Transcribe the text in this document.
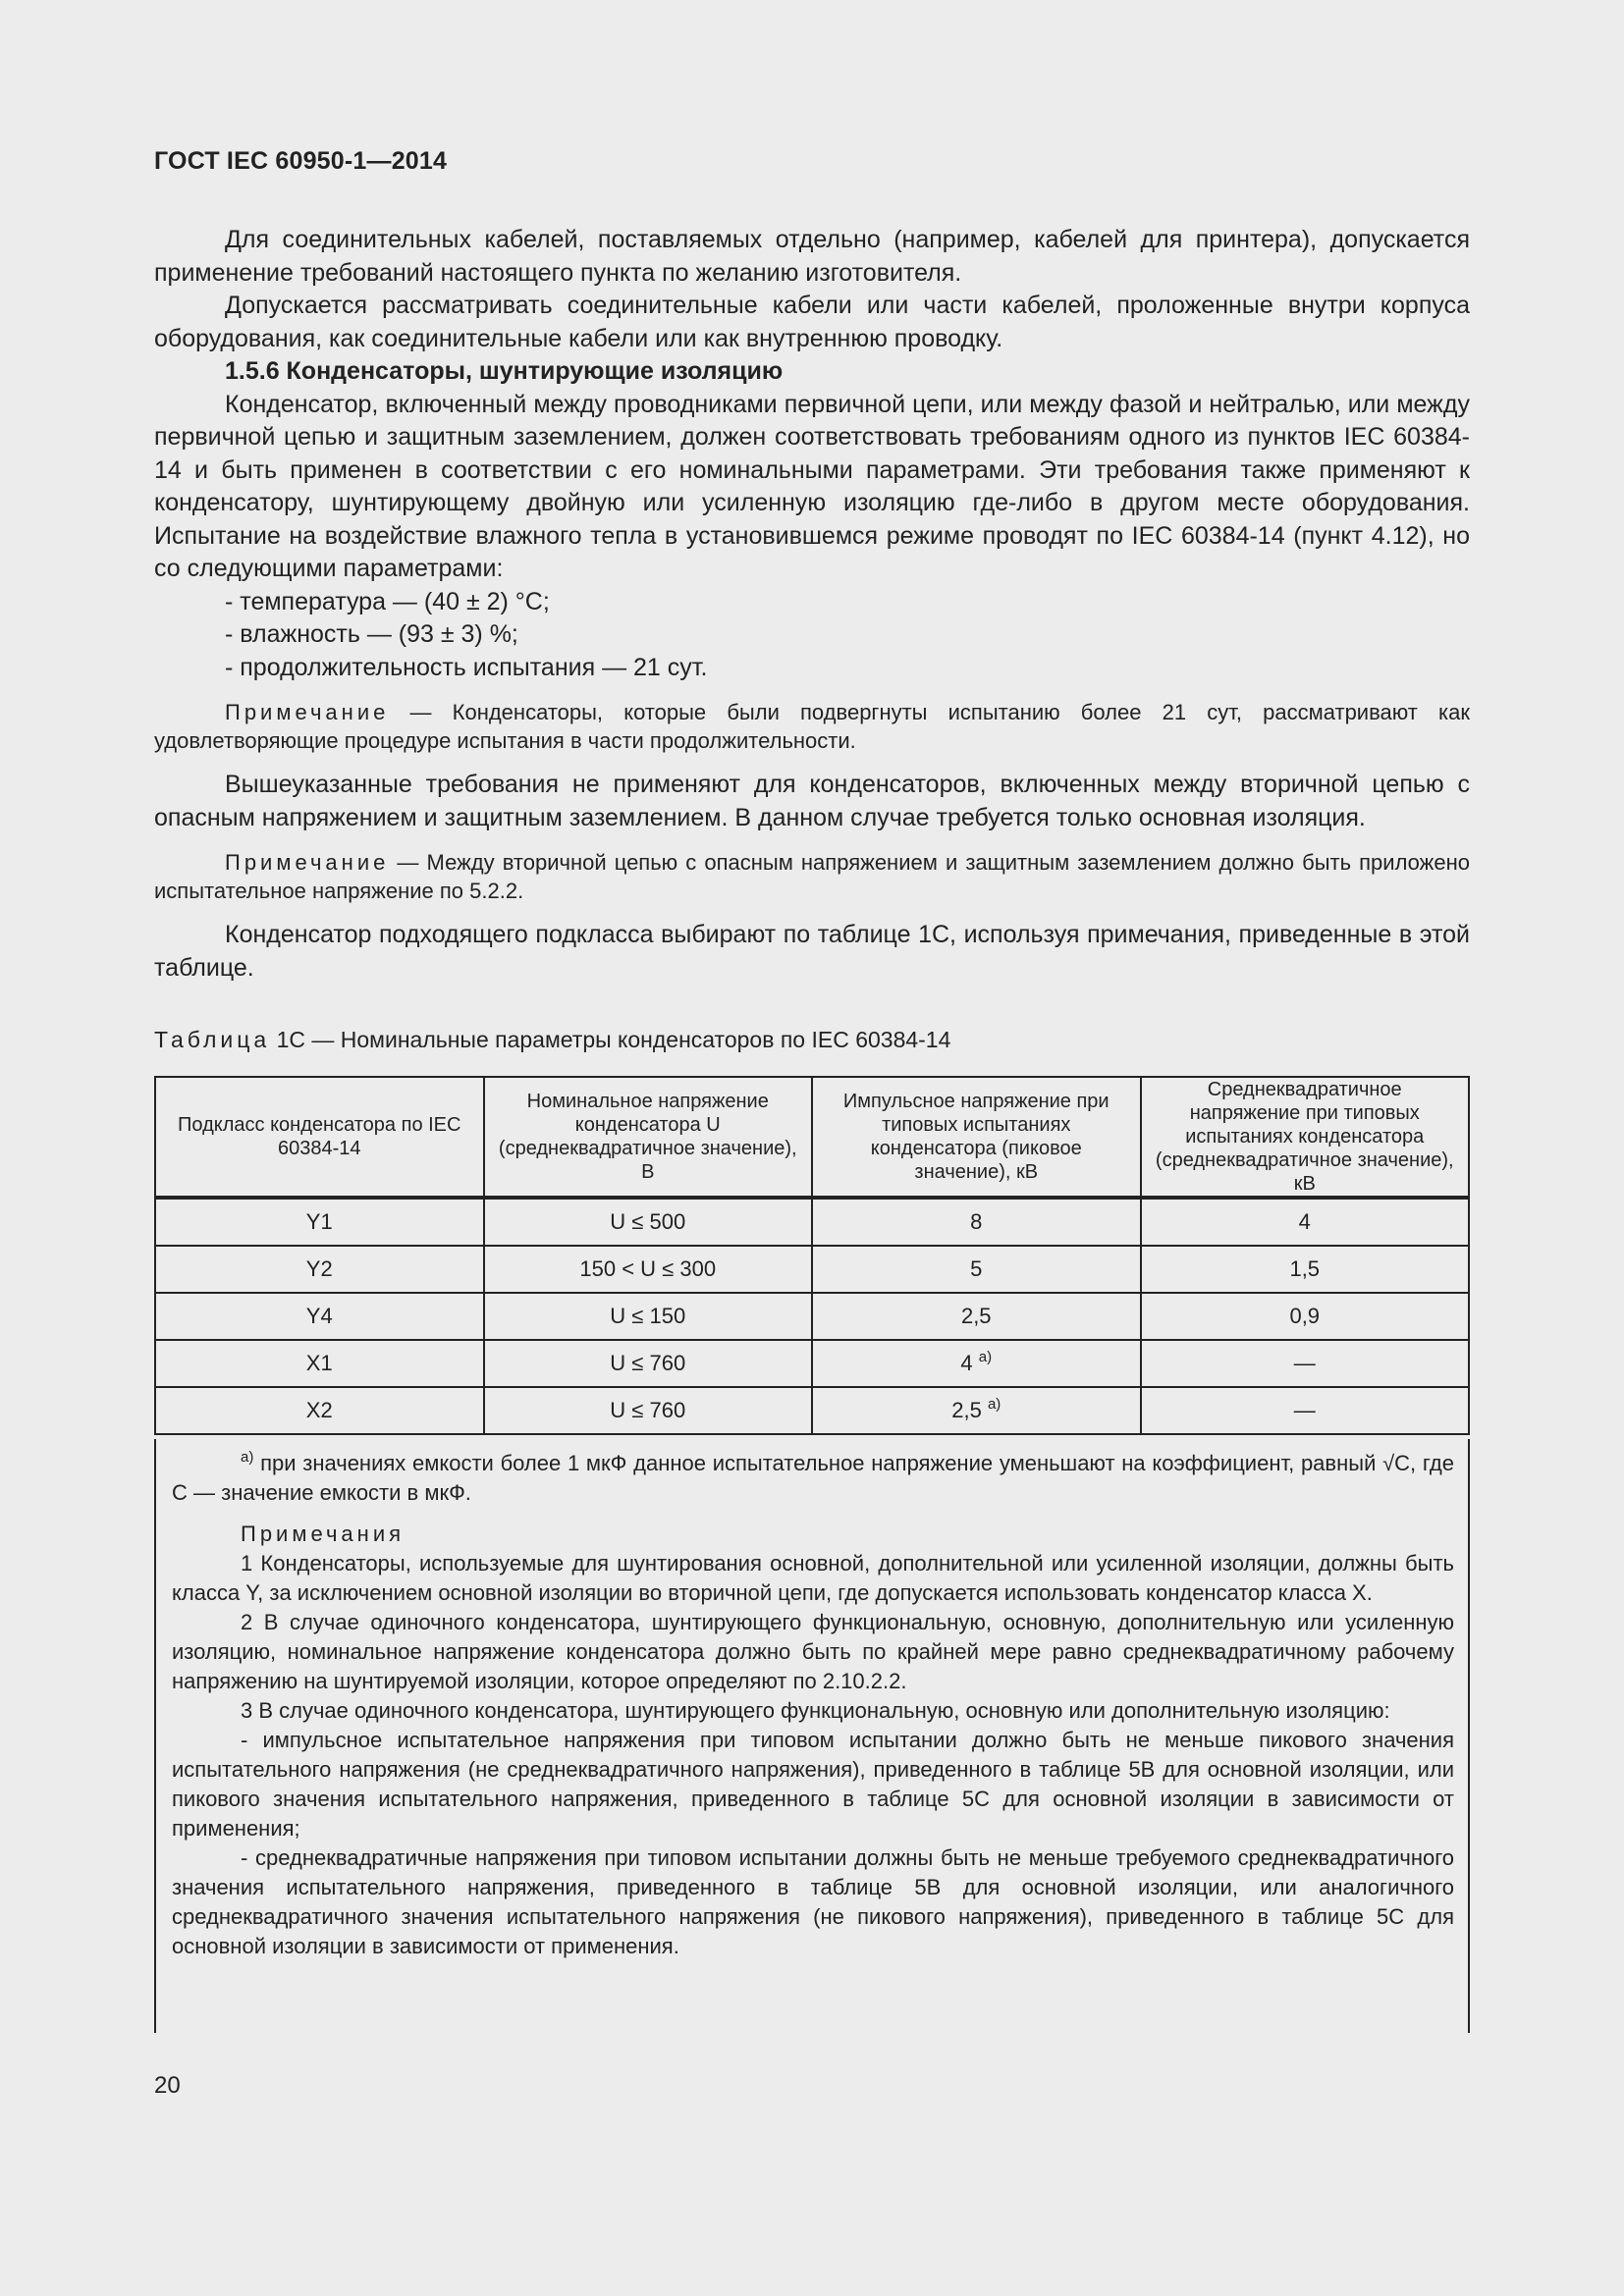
ГОСТ IEC 60950-1—2014

Для соединительных кабелей, поставляемых отдельно (например, кабелей для принтера), допускается применение требований настоящего пункта по желанию изготовителя.

Допускается рассматривать соединительные кабели или части кабелей, проложенные внутри корпуса оборудования, как соединительные кабели или как внутреннюю проводку.

1.5.6 Конденсаторы, шунтирующие изоляцию

Конденсатор, включенный между проводниками первичной цепи, или между фазой и нейтралью, или между первичной цепью и защитным заземлением, должен соответствовать требованиям одного из пунктов IEC 60384-14 и быть применен в соответствии с его номинальными параметрами. Эти требования также применяют к конденсатору, шунтирующему двойную или усиленную изоляцию где-либо в другом месте оборудования. Испытание на воздействие влажного тепла в установившемся режиме проводят по IEC 60384-14 (пункт 4.12), но со следующими параметрами:

- температура — (40 ± 2) °С;
- влажность — (93 ± 3) %;
- продолжительность испытания — 21 сут.
Примечание — Конденсаторы, которые были подвергнуты испытанию более 21 сут, рассматривают как удовлетворяющие процедуре испытания в части продолжительности.

Вышеуказанные требования не применяют для конденсаторов, включенных между вторичной цепью с опасным напряжением и защитным заземлением. В данном случае требуется только основная изоляция.

Примечание — Между вторичной цепью с опасным напряжением и защитным заземлением должно быть приложено испытательное напряжение по 5.2.2.

Конденсатор подходящего подкласса выбирают по таблице 1С, используя примечания, приведенные в этой таблице.

Таблица 1С — Номинальные параметры конденсаторов по IEC 60384-14
Подкласс конденсатора по IEC 60384-14	Номинальное напряжение конденсатора U (среднеквадратичное значение), В	Импульсное напряжение при типовых испытаниях конденсатора (пиковое значение), кВ	Среднеквадратичное напряжение при типовых испытаниях конденсатора (среднеквадратичное значение), кВ
Y1	U ≤ 500	8	4
Y2	150 < U ≤ 300	5	1,5
Y4	U ≤ 150	2,5	0,9
X1	U ≤ 760	4 $^{а)}$	—
X2	U ≤ 760	2,5 $^{а)}$	—

$^{а)}$ при значениях емкости более 1 мкФ данное испытательное напряжение уменьшают на коэффициент, равный √С, где С — значение емкости в мкФ.

Примечания

1 Конденсаторы, используемые для шунтирования основной, дополнительной или усиленной изоляции, должны быть класса Y, за исключением основной изоляции во вторичной цепи, где допускается использовать конденсатор класса X.

2 В случае одиночного конденсатора, шунтирующего функциональную, основную, дополнительную или усиленную изоляцию, номинальное напряжение конденсатора должно быть по крайней мере равно среднеквадратичному рабочему напряжению на шунтируемой изоляции, которое определяют по 2.10.2.2.

3 В случае одиночного конденсатора, шунтирующего функциональную, основную или дополнительную изоляцию:

- импульсное испытательное напряжения при типовом испытании должно быть не меньше пикового значения испытательного напряжения (не среднеквадратичного напряжения), приведенного в таблице 5В для основной изоляции, или пикового значения испытательного напряжения, приведенного в таблице 5С для основной изоляции в зависимости от применения;

- среднеквадратичные напряжения при типовом испытании должны быть не меньше требуемого среднеквадратичного значения испытательного напряжения, приведенного в таблице 5В для основной изоляции, или аналогичного среднеквадратичного значения испытательного напряжения (не пикового напряжения), приведенного в таблице 5С для основной изоляции в зависимости от применения.

20
